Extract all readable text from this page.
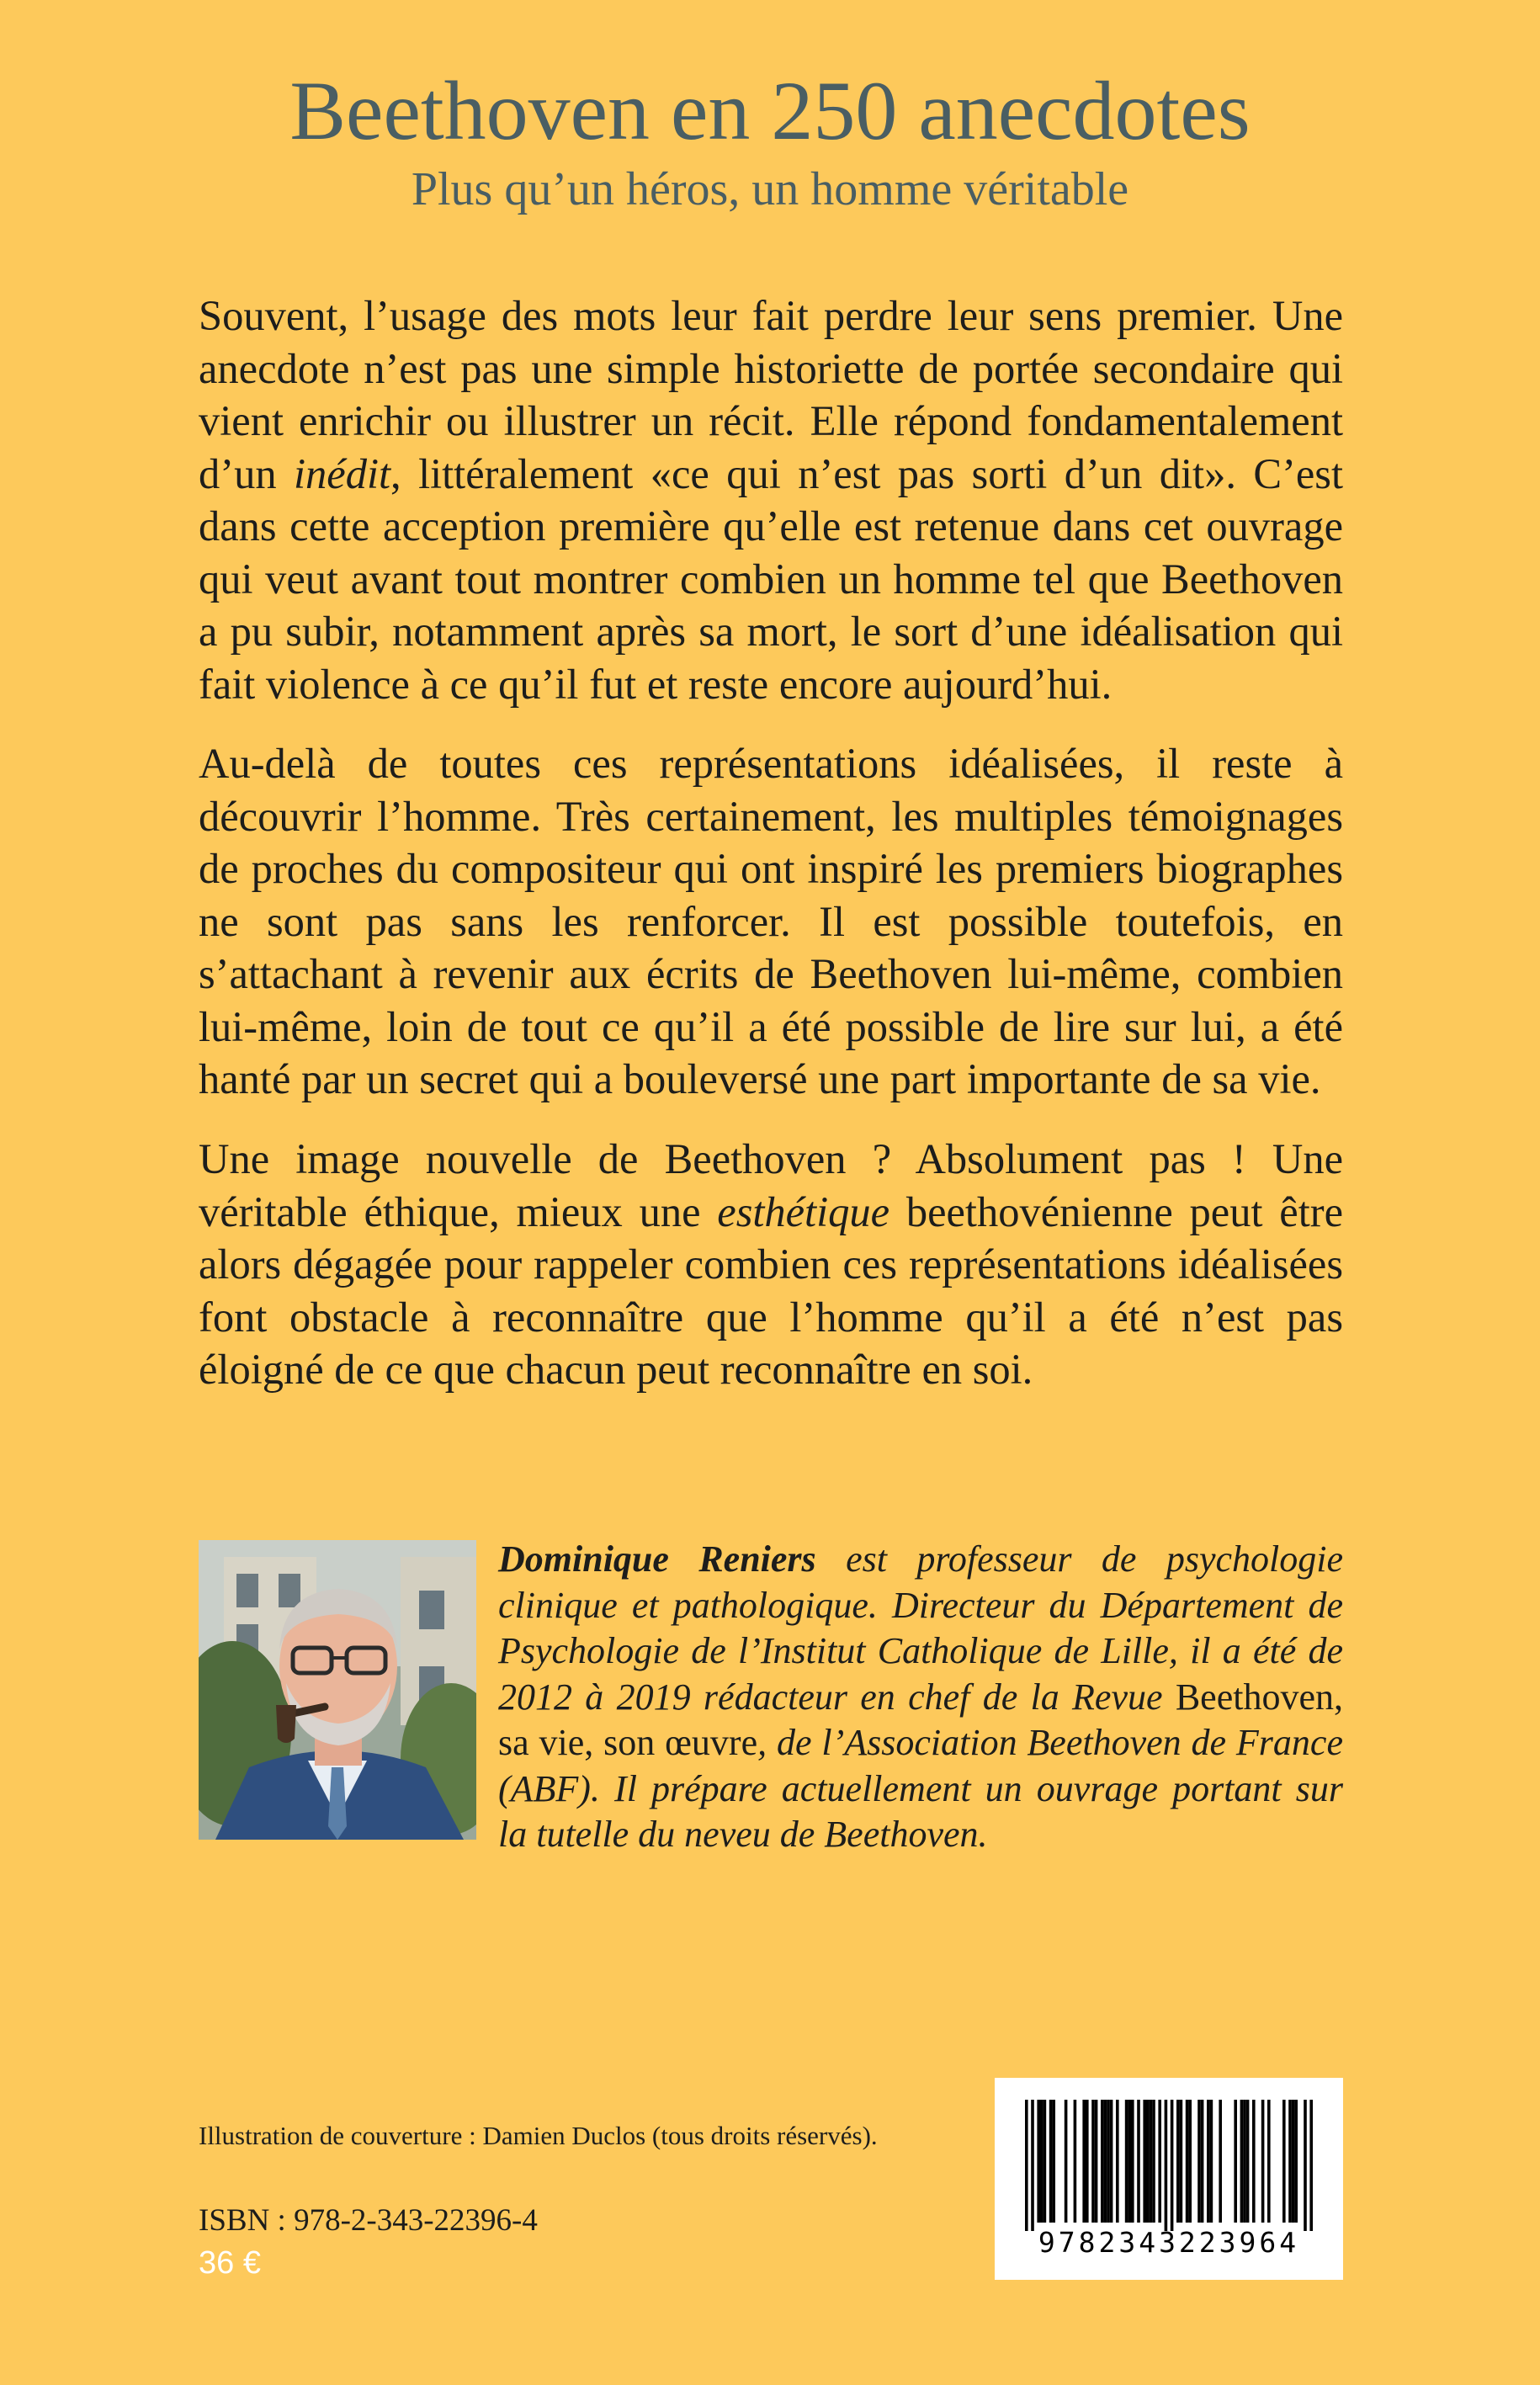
Beethoven en 250 anecdotes
Plus qu’un héros, un homme véritable

Souvent, l’usage des mots leur fait perdre leur sens premier. Une anecdote n’est pas une simple historiette de portée secondaire qui vient enrichir ou illustrer un récit. Elle répond fondamentalement d’un inédit, littéralement «ce qui n’est pas sorti d’un dit». C’est dans cette acception première qu’elle est retenue dans cet ouvrage qui veut avant tout montrer combien un homme tel que Beethoven a pu subir, notamment après sa mort, le sort d’une idéalisation qui fait violence à ce qu’il fut et reste encore aujourd’hui.

Au-delà de toutes ces représentations idéalisées, il reste à découvrir l’homme. Très certainement, les multiples témoignages de proches du compositeur qui ont inspiré les premiers biographes ne sont pas sans les renforcer. Il est possible toutefois, en s’attachant à revenir aux écrits de Beethoven lui-même, combien lui-même, loin de tout ce qu’il a été possible de lire sur lui, a été hanté par un secret qui a bouleversé une part importante de sa vie.

Une image nouvelle de Beethoven ? Absolument pas ! Une véritable éthique, mieux une esthétique beethovénienne peut être alors dégagée pour rappeler combien ces représentations idéalisées font obstacle à reconnaître que l’homme qu’il a été n’est pas éloigné de ce que chacun peut reconnaître en soi.

Dominique Reniers est professeur de psychologie clinique et pathologique. Directeur du Département de Psychologie de l’Institut Catholique de Lille, il a été de 2012 à 2019 rédacteur en chef de la Revue Beethoven, sa vie, son œuvre, de l’Association Beethoven de France (ABF). Il prépare actuellement un ouvrage portant sur la tutelle du neveu de Beethoven.

Illustration de couverture : Damien Duclos (tous droits réservés).

ISBN : 978-2-343-22396-4

36 €

9782343223964
